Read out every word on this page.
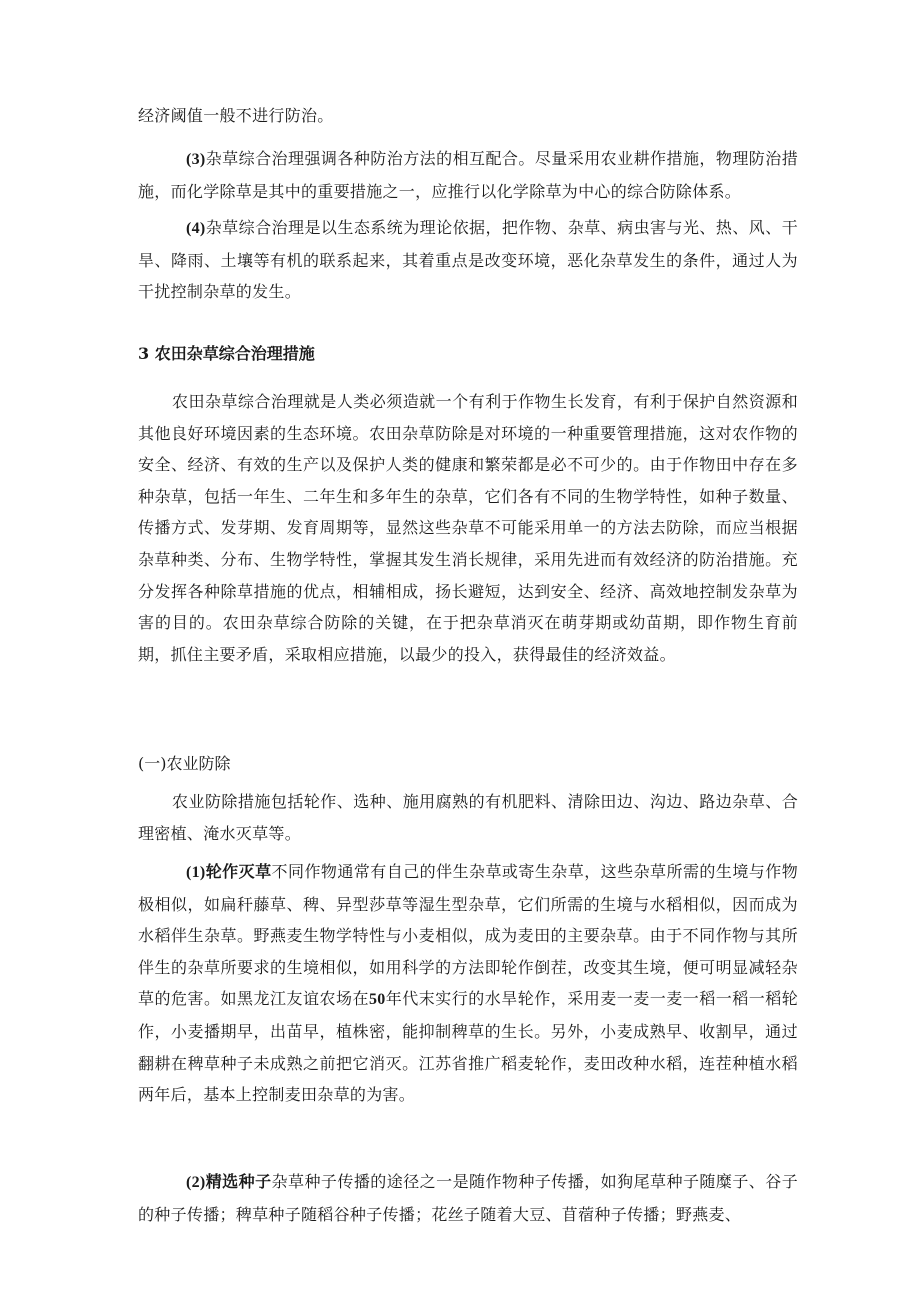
经济阈值一般不进行防治。
(3)杂草综合治理强调各种防治方法的相互配合。尽量采用农业耕作措施，物理防治措施，而化学除草是其中的重要措施之一，应推行以化学除草为中心的综合防除体系。
(4)杂草综合治理是以生态系统为理论依据，把作物、杂草、病虫害与光、热、风、干旱、降雨、土壤等有机的联系起来，其着重点是改变环境，恶化杂草发生的条件，通过人为干扰控制杂草的发生。
3 农田杂草综合治理措施
农田杂草综合治理就是人类必须造就一个有利于作物生长发育，有利于保护自然资源和其他良好环境因素的生态环境。农田杂草防除是对环境的一种重要管理措施，这对农作物的安全、经济、有效的生产以及保护人类的健康和繁荣都是必不可少的。由于作物田中存在多种杂草，包括一年生、二年生和多年生的杂草，它们各有不同的生物学特性，如种子数量、传播方式、发芽期、发育周期等，显然这些杂草不可能采用单一的方法去防除，而应当根据杂草种类、分布、生物学特性，掌握其发生消长规律，采用先进而有效经济的防治措施。充分发挥各种除草措施的优点，相辅相成，扬长避短，达到安全、经济、高效地控制发杂草为害的目的。农田杂草综合防除的关键，在于把杂草消灭在萌芽期或幼苗期，即作物生育前期，抓住主要矛盾，采取相应措施，以最少的投入，获得最佳的经济效益。
(一)农业防除
农业防除措施包括轮作、选种、施用腐熟的有机肥料、清除田边、沟边、路边杂草、合理密植、淹水灭草等。
(1)轮作灭草不同作物通常有自己的伴生杂草或寄生杂草，这些杂草所需的生境与作物极相似，如扁秆藤草、稗、异型莎草等湿生型杂草，它们所需的生境与水稻相似，因而成为水稻伴生杂草。野燕麦生物学特性与小麦相似，成为麦田的主要杂草。由于不同作物与其所伴生的杂草所要求的生境相似，如用科学的方法即轮作倒茬，改变其生境，便可明显减轻杂草的危害。如黑龙江友谊农场在50年代末实行的水旱轮作，采用麦一麦一麦一稻一稻一稻轮作，小麦播期早，出苗早，植株密，能抑制稗草的生长。另外，小麦成熟早、收割早，通过翻耕在稗草种子未成熟之前把它消灭。江苏省推广稻麦轮作，麦田改种水稻，连茬种植水稻两年后，基本上控制麦田杂草的为害。
(2)精选种子杂草种子传播的途径之一是随作物种子传播，如狗尾草种子随糜子、谷子的种子传播；稗草种子随稻谷种子传播；花丝子随着大豆、苜蓿种子传播；野燕麦、
